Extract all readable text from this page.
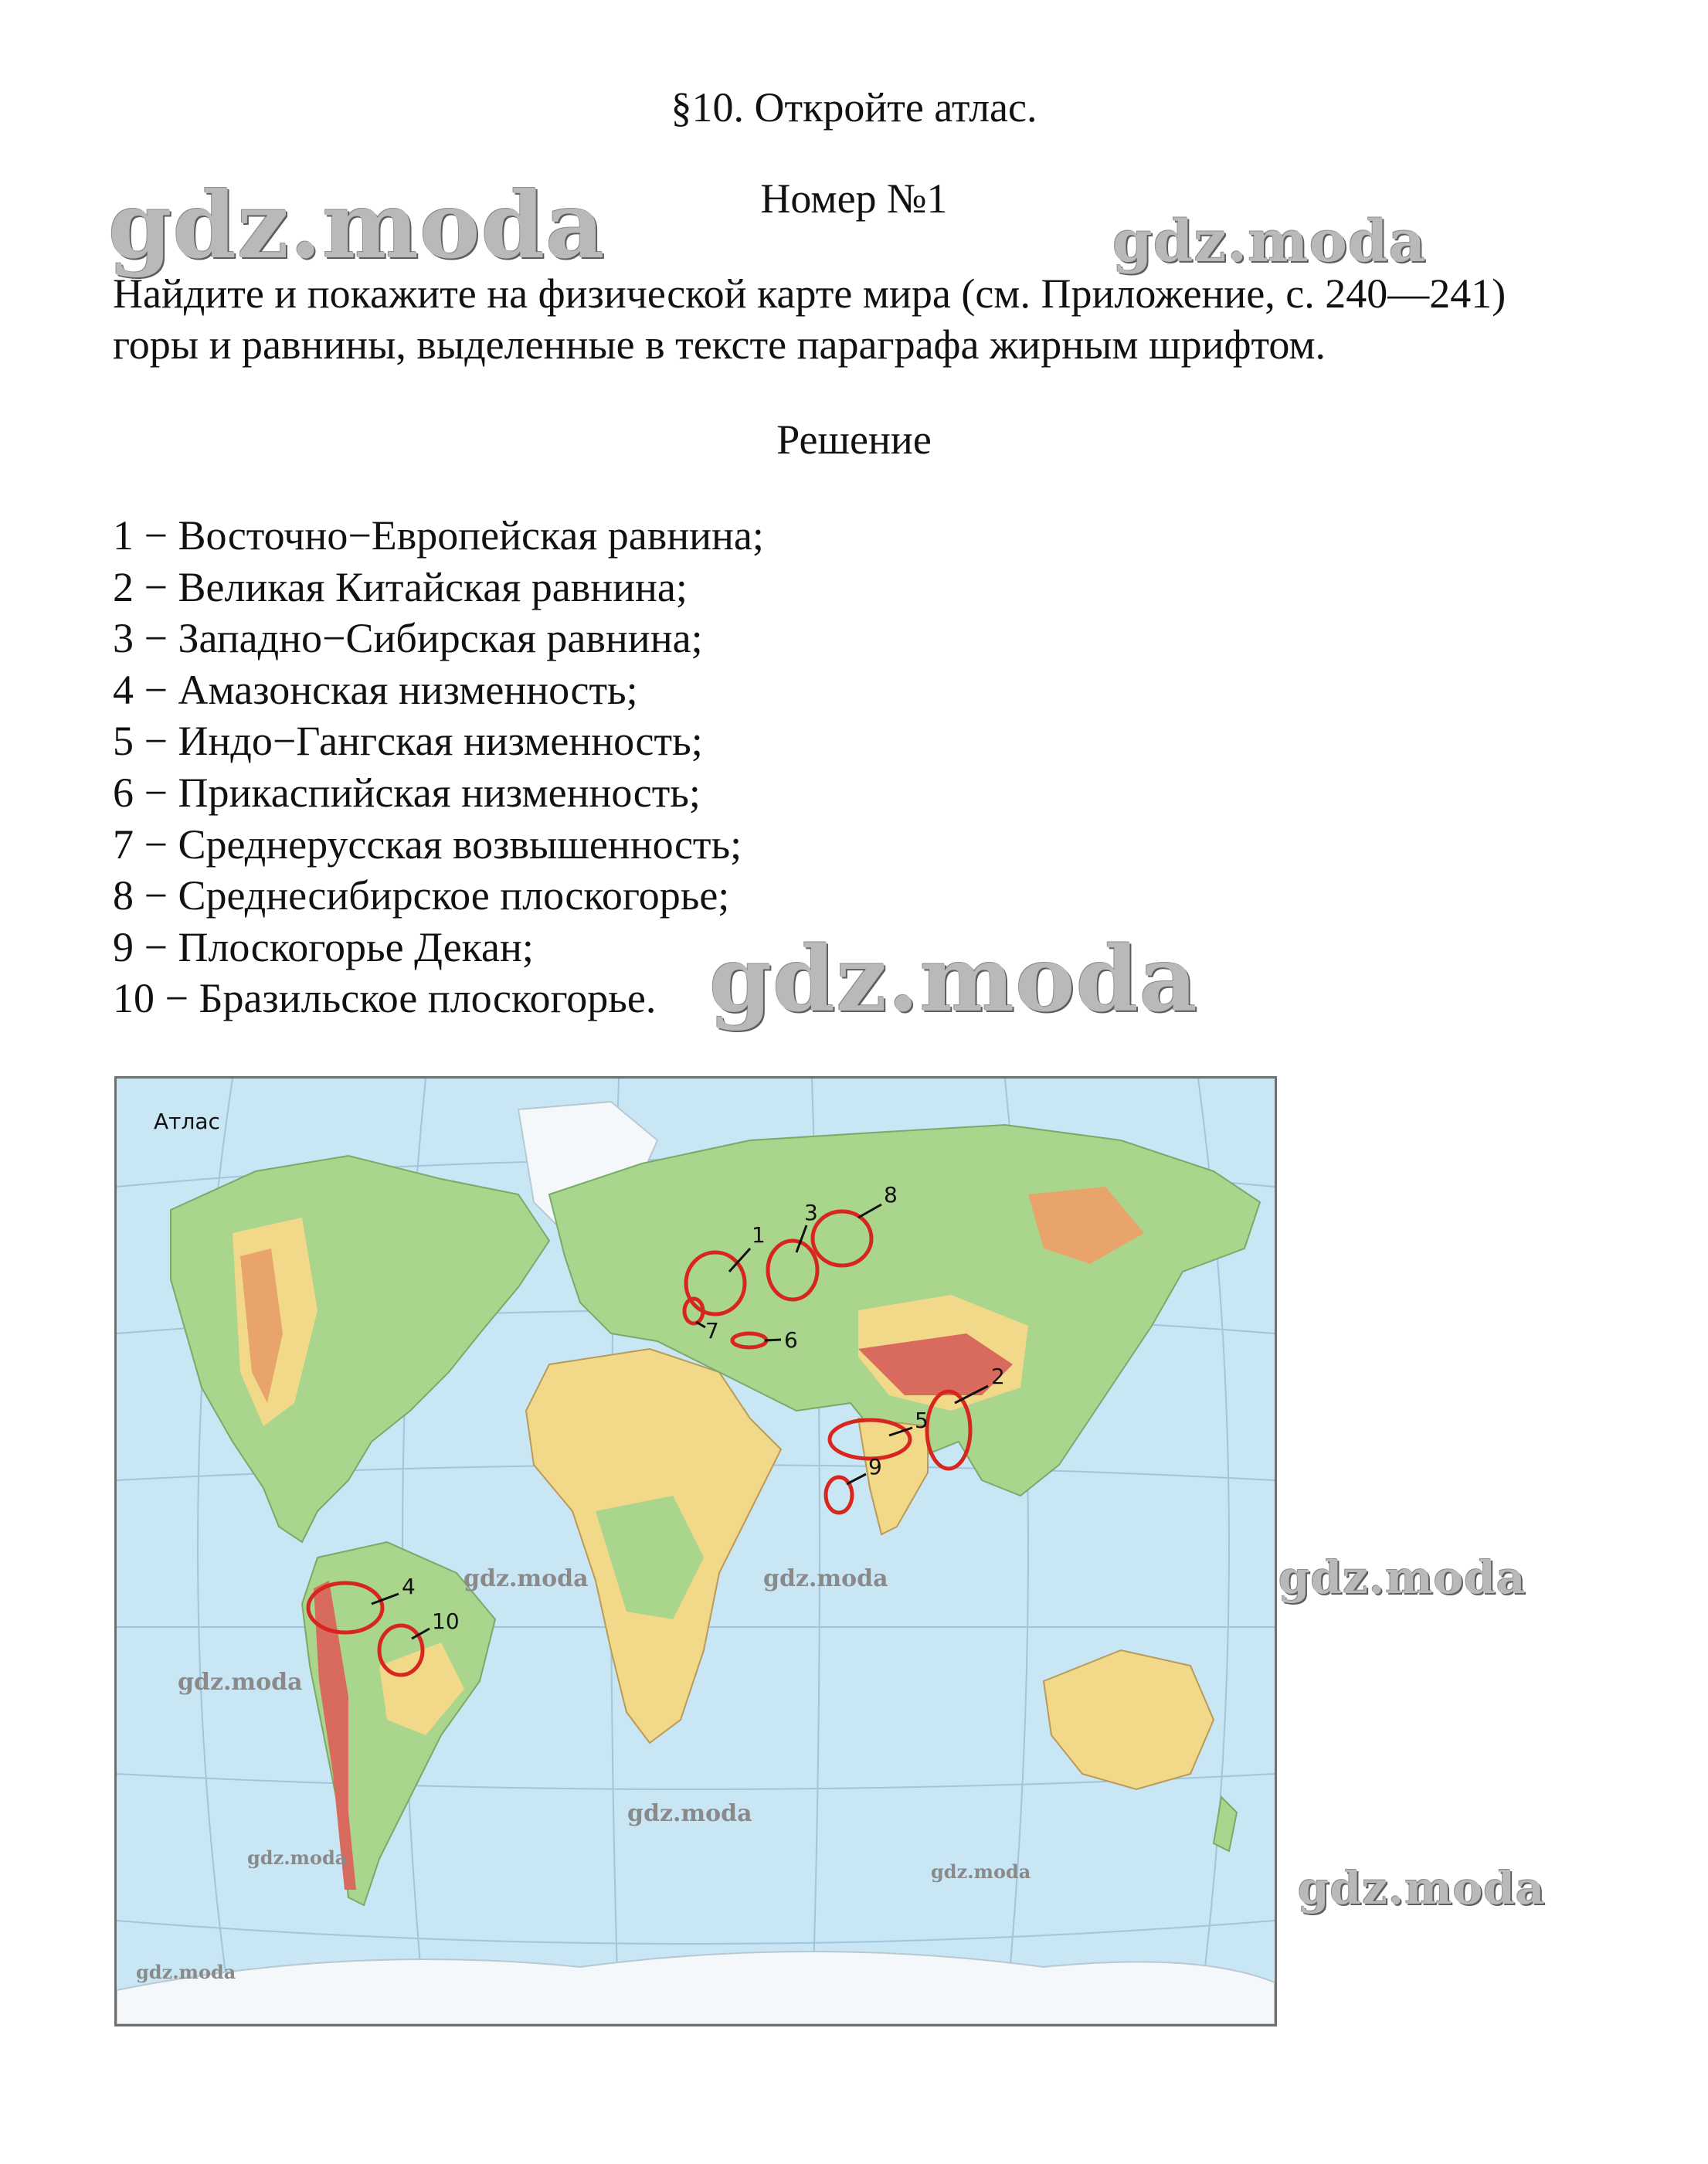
§10. Откройте атлас.
Номер №1
Найдите и покажите на физической карте мира (см. Приложение, с. 240—241) горы и равнины, выделенные в тексте параграфа жирным шрифтом.
Решение
1 − Восточно−Европейская равнина;
2 − Великая Китайская равнина;
3 − Западно−Сибирская равнина;
4 − Амазонская низменность;
5 − Индо−Гангская низменность;
6 − Прикаспийская низменность;
7 − Среднерусская возвышенность;
8 − Среднесибирское плоскогорье;
9 − Плоскогорье Декан;
10 − Бразильское плоскогорье.
Атлас
1
2
3
4
5
6
7
8
9
10
gdz.moda	gdz.moda
gdz.moda
gdz.moda
gdz.moda
gdz.moda	gdz.moda
gdz.moda
gdz.moda
gdz.moda
gdz.moda
gdz.moda
